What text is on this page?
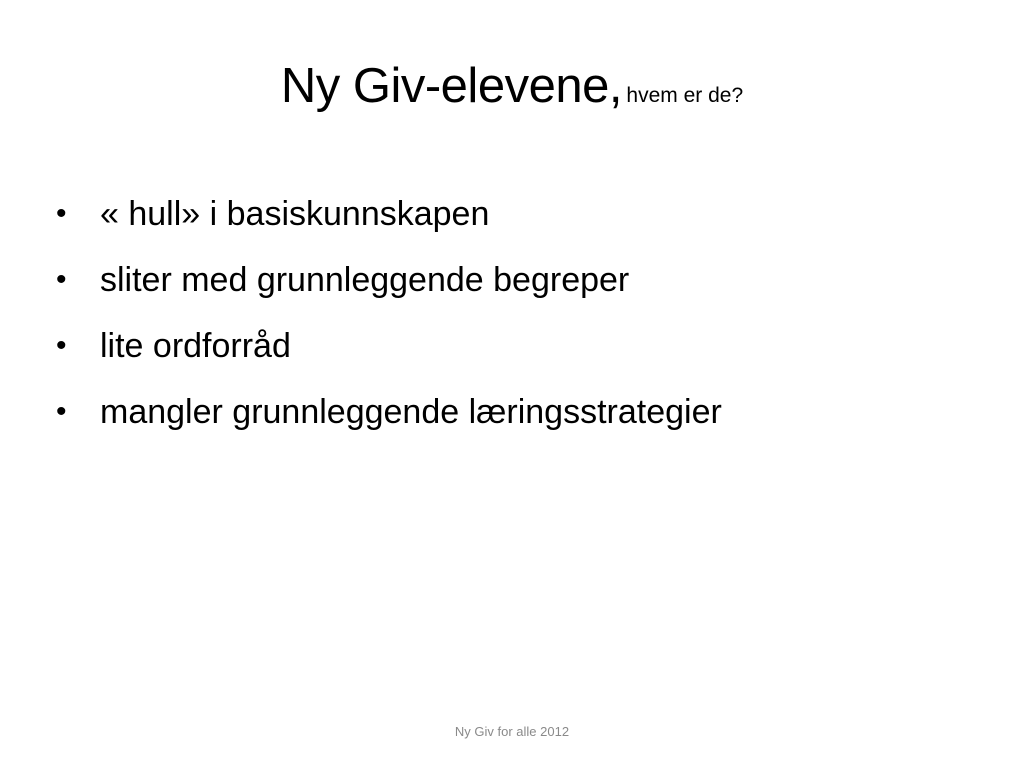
Ny Giv-elevene, hvem er de?
• « hull» i basiskunnskapen
• sliter med grunnleggende begreper
• lite ordforråd
• mangler grunnleggende læringsstrategier
Ny Giv for alle 2012
